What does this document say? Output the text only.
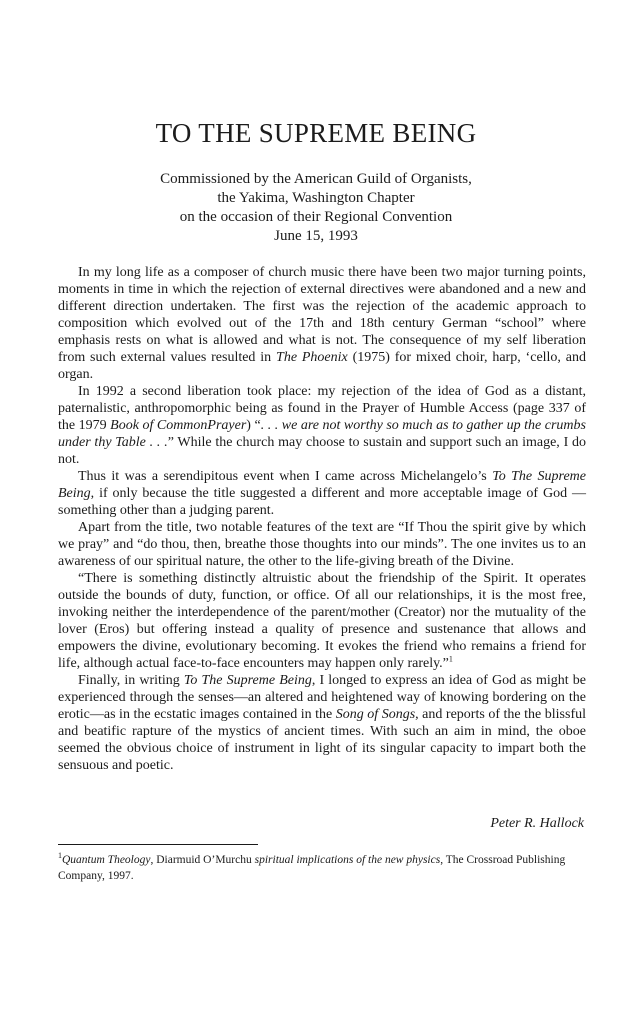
TO THE SUPREME BEING
Commissioned by the American Guild of Organists,
the Yakima, Washington Chapter
on the occasion of their Regional Convention
June 15, 1993

In my long life as a composer of church music there have been two major turning points, moments in time in which the rejection of external directives were abandoned and a new and different direction undertaken. The first was the rejection of the academic approach to composition which evolved out of the 17th and 18th century German “school” where emphasis rests on what is allowed and what is not. The consequence of my self liberation from such external values resulted in The Phoenix (1975) for mixed choir, harp, ‘cello, and organ.

In 1992 a second liberation took place: my rejection of the idea of God as a distant, paternalistic, anthropomorphic being as found in the Prayer of Humble Access (page 337 of the 1979 Book of CommonPrayer) “. . . we are not worthy so much as to gather up the crumbs under thy Table . . .” While the church may choose to sustain and support such an image, I do not.

Thus it was a serendipitous event when I came across Michelangelo’s To The Supreme Being, if only because the title suggested a different and more acceptable image of God —something other than a judging parent.

Apart from the title, two notable features of the text are “If Thou the spirit give by which we pray” and “do thou, then, breathe those thoughts into our minds”. The one invites us to an awareness of our spiritual nature, the other to the life-giving breath of the Divine.

“There is something distinctly altruistic about the friendship of the Spirit. It operates outside the bounds of duty, function, or office. Of all our relationships, it is the most free, invoking neither the interdependence of the parent/mother (Creator) nor the mutuality of the lover (Eros) but offering instead a quality of presence and sustenance that allows and empowers the divine, evolutionary becoming. It evokes the friend who remains a friend for life, although actual face-to-face encounters may happen only rarely.”$^1$

Finally, in writing To The Supreme Being, I longed to express an idea of God as might be experienced through the senses—an altered and heightened way of knowing bordering on the erotic—as in the ecstatic images contained in the Song of Songs, and reports of the the blissful and beatific rapture of the mystics of ancient times. With such an aim in mind, the oboe seemed the obvious choice of instrument in light of its singular capacity to impart both the sensuous and poetic.

Peter R. Hallock
$^1$Quantum Theology, Diarmuid O’Murchu spiritual implications of the new physics, The Crossroad Publishing Company, 1997.
